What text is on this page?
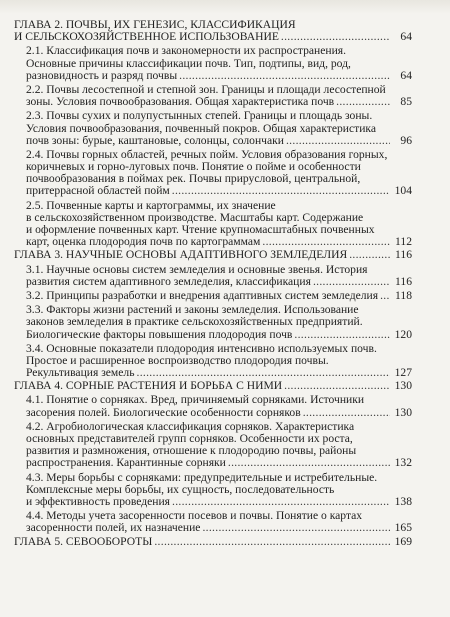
ГЛАВА 2. ПОЧВЫ, ИХ ГЕНЕЗИС, КЛАССИФИКАЦИЯ
И СЕЛЬСКОХОЗЯЙСТВЕННОЕ ИСПОЛЬЗОВАНИЕ .....	64
2.1. Классификация почв и закономерности их распространения.
Основные причины классификации почв. Тип, подтипы, вид, род,
разновидность и разряд почвы .....	64
2.2. Почвы лесостепной и степной зон. Границы и площади лесостепной
зоны. Условия почвообразования. Общая характеристика почв .....	85
2.3. Почвы сухих и полупустынных степей. Границы и площадь зоны.
Условия почвообразования, почвенный покров. Общая характеристика
почв зоны: бурые, каштановые, солонцы, солончаки .....	96
2.4. Почвы горных областей, речных пойм. Условия образования горных,
коричневых и горно-луговых почв. Понятие о пойме и особенности
почвообразования в поймах рек. Почвы прирусловой, центральной,
притеррасной областей пойм .....	104
2.5. Почвенные карты и картограммы, их значение
в сельскохозяйственном производстве. Масштабы карт. Содержание
и оформление почвенных карт. Чтение крупномасштабных почвенных
карт, оценка плодородия почв по картограммам .....	112
ГЛАВА 3. НАУЧНЫЕ ОСНОВЫ АДАПТИВНОГО ЗЕМЛЕДЕЛИЯ .....	116
3.1. Научные основы систем земледелия и основные звенья. История
развития систем адаптивного земледелия, классификация .....	116
3.2. Принципы разработки и внедрения адаптивных систем земледелия ..... 118
3.3. Факторы жизни растений и законы земледелия. Использование
законов земледелия в практике сельскохозяйственных предприятий.
Биологические факторы повышения плодородия почв .....	120
3.4. Основные показатели плодородия интенсивно используемых почв.
Простое и расширенное воспроизводство плодородия почвы.
Рекультивация земель .....	127
ГЛАВА 4. СОРНЫЕ РАСТЕНИЯ И БОРЬБА С НИМИ .....	130
4.1. Понятие о сорняках. Вред, причиняемый сорняками. Источники
засорения полей. Биологические особенности сорняков .....	130
4.2. Агробиологическая классификация сорняков. Характеристика
основных представителей групп сорняков. Особенности их роста,
развития и размножения, отношение к плодородию почвы, районы
распространения. Карантинные сорняки .....	132
4.3. Меры борьбы с сорняками: предупредительные и истребительные.
Комплексные меры борьбы, их сущность, последовательность
и эффективность проведения .....	138
4.4. Методы учета засоренности посевов и почвы. Понятие о картах
засоренности полей, их назначение .....	165
ГЛАВА 5. СЕВООБОРОТЫ .....	169
